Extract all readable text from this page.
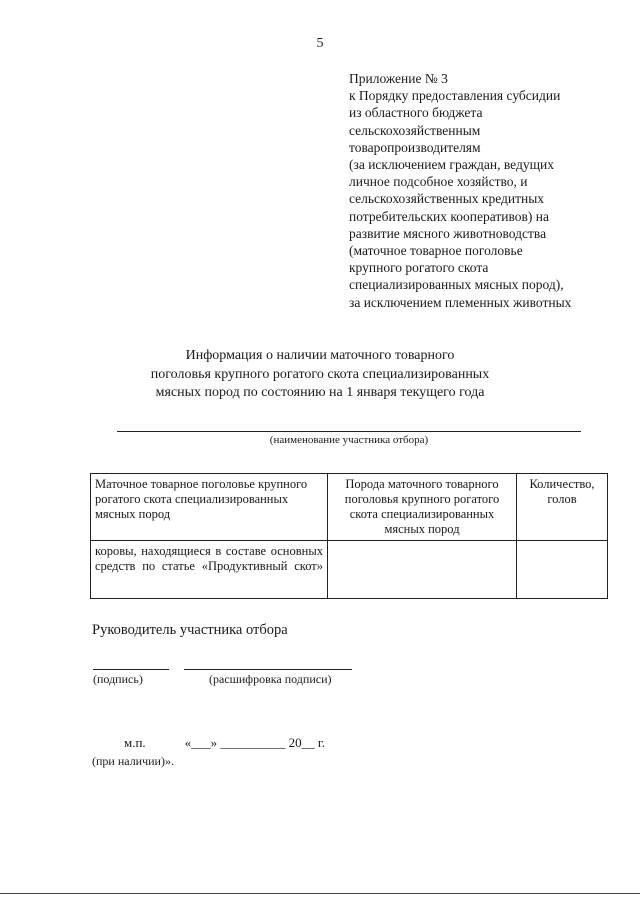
5
Приложение № 3
к Порядку предоставления субсидии
из областного бюджета
сельскохозяйственным
товаропроизводителям
(за исключением граждан, ведущих
личное подсобное хозяйство, и
сельскохозяйственных кредитных
потребительских кооперативов) на
развитие мясного животноводства
(маточное товарное поголовье
крупного рогатого скота
специализированных мясных пород),
за исключением племенных животных
Информация о наличии маточного товарного
поголовья крупного рогатого скота специализированных
мясных пород по состоянию на 1 января текущего года
(наименование участника отбора)
Маточное товарное поголовье крупного рогатого скота специализированных мясных пород	Порода маточного товарного поголовья крупного рогатого скота специализированных мясных пород	Количество, голов
коровы, находящиеся в составе основных средств по статье «Продуктивный скот»		
Руководитель участника отбора
(подпись)	(расшифровка подписи)
м.п.            «___» __________ 20__ г.
(при наличии)».
